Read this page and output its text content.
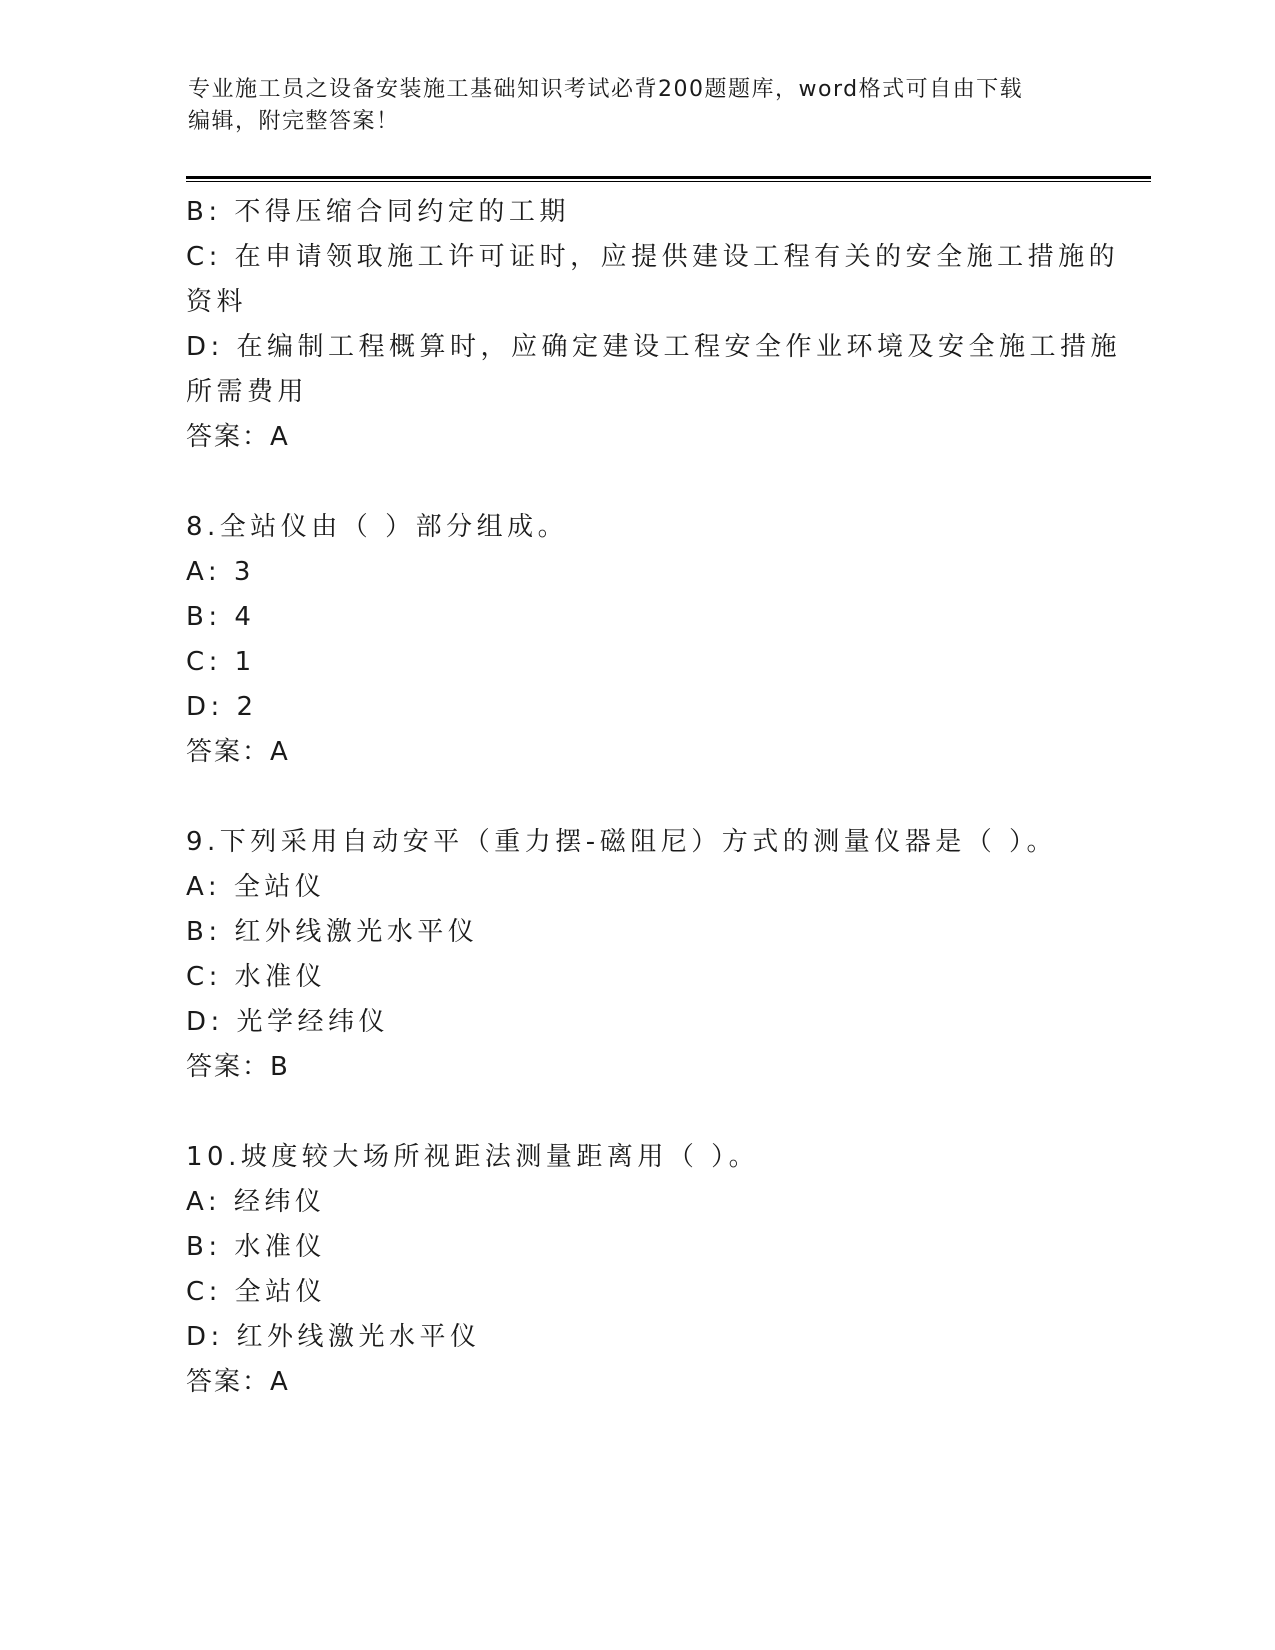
专业施工员之设备安装施工基础知识考试必背200题题库，word格式可自由下载
编辑，附完整答案！

B: 不得压缩合同约定的工期

C: 在申请领取施工许可证时，应提供建设工程有关的安全施工措施的

资料

D: 在编制工程概算时，应确定建设工程安全作业环境及安全施工措施

所需费用

答案：A

8.全站仪由（ ）部分组成。

A: 3

B: 4

C: 1

D: 2

答案：A

9.下列采用自动安平（重力摆-磁阻尼）方式的测量仪器是（ ）。

A: 全站仪

B: 红外线激光水平仪

C: 水准仪

D: 光学经纬仪

答案：B

10.坡度较大场所视距法测量距离用（ ）。

A: 经纬仪

B: 水准仪

C: 全站仪

D: 红外线激光水平仪

答案：A
